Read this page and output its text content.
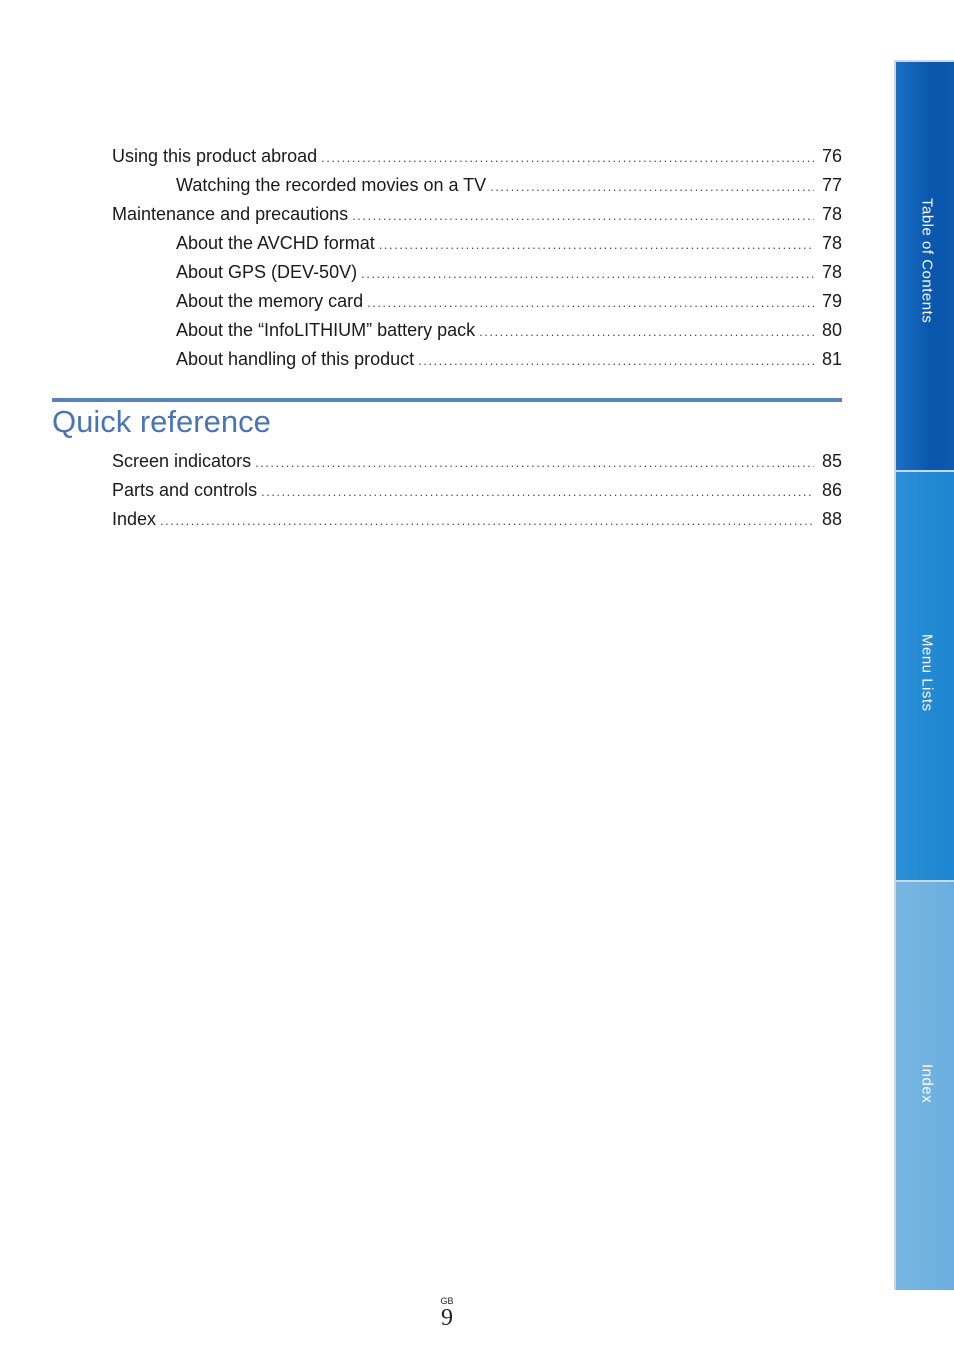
Using this product abroad .....	76
Watching the recorded movies on a TV .....	77
Maintenance and precautions .....	78
About the AVCHD format .....	78
About GPS (DEV-50V) .....	78
About the memory card .....	79
About the “InfoLITHIUM” battery pack .....	80
About handling of this product .....	81
Quick reference
Screen indicators .....	85
Parts and controls .....	86
Index .....	88
Table of Contents
Menu Lists
Index
GB
9
